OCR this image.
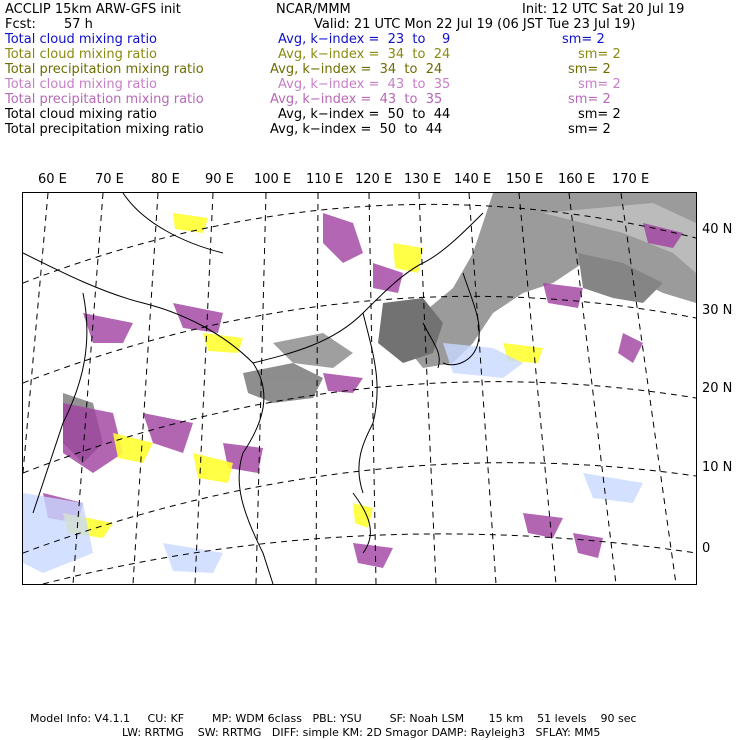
ACCLIP 15km ARW-GFS init	NCAR/MMM	Init: 12 UTC Sat 20 Jul 19
Fcst: 57 h	Valid: 21 UTC Mon 22 Jul 19 (06 JST Tue 23 Jul 19)
Total cloud mixing ratio	Avg, k−index =  23  to    9	sm= 2
Total cloud mixing ratio	Avg, k−index =  34  to  24	sm= 2
Total precipitation mixing ratio	Avg, k−index =  34  to  24	sm= 2
Total cloud mixing ratio	Avg, k−index =  43  to  35	sm= 2
Total precipitation mixing ratio	Avg, k−index =  43  to  35	sm= 2
Total cloud mixing ratio	Avg, k−index =  50  to  44	sm= 2
Total precipitation mixing ratio	Avg, k−index =  50  to  44	sm= 2
60 E 70 E 80 E 90 E 100 E 110 E 120 E 130 E 140 E 150 E 160 E 170 E
40 N
30 N
20 N
10 N
0
Model Info: V4.1.1     CU: KF        MP: WDM 6class   PBL: YSU        SF: Noah LSM       15 km    51 levels    90 sec
LW: RRTMG    SW: RRTMG   DIFF: simple KM: 2D Smagor DAMP: Rayleigh3   SFLAY: MM5
